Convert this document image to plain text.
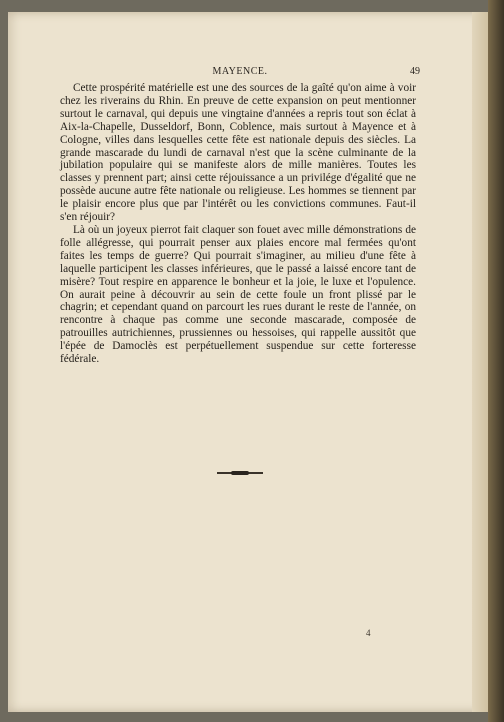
MAYENCE.	49

Cette prospérité matérielle est une des sources de la gaîté qu'on aime à voir chez les riverains du Rhin. En preuve de cette expansion on peut mentionner surtout le carnaval, qui depuis une vingtaine d'années a repris tout son éclat à Aix-la-Chapelle, Dusseldorf, Bonn, Coblence, mais surtout à Mayence et à Cologne, villes dans lesquelles cette fête est nationale depuis des siècles. La grande mascarade du lundi de carnaval n'est que la scène culminante de la jubilation populaire qui se manifeste alors de mille manières. Toutes les classes y prennent part; ainsi cette réjouissance a un privilége d'égalité que ne possède aucune autre fête nationale ou religieuse. Les hommes se tiennent par le plaisir encore plus que par l'intérêt ou les convictions communes. Faut-il s'en réjouir?

Là où un joyeux pierrot fait claquer son fouet avec mille démonstrations de folle allégresse, qui pourrait penser aux plaies encore mal fermées qu'ont faites les temps de guerre? Qui pourrait s'imaginer, au milieu d'une fête à laquelle participent les classes inférieures, que le passé a laissé encore tant de misère? Tout respire en apparence le bonheur et la joie, le luxe et l'opulence. On aurait peine à découvrir au sein de cette foule un front plissé par le chagrin; et cependant quand on parcourt les rues durant le reste de l'année, on rencontre à chaque pas comme une seconde mascarade, composée de patrouilles autrichiennes, prussiennes ou hessoises, qui rappelle aussitôt que l'épée de Damoclès est perpétuellement suspendue sur cette forteresse fédérale.

4
